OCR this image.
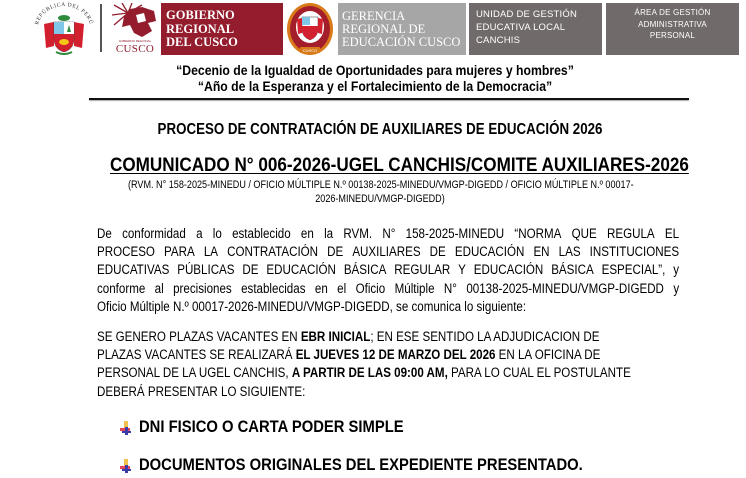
REPÚBLICA DEL PERÚ
GOBIERNO REGIONAL
CUSCO
GOBIERNO
REGIONAL
DEL CUSCO
CUSCO
GERENCIA
REGIONAL DE
EDUCACIÓN CUSCO
UNIDAD DE GESTIÓN
EDUCATIVA LOCAL
CANCHIS
ÁREA DE GESTIÓN
ADMINISTRATIVA
PERSONAL
“Decenio de la Igualdad de Oportunidades para mujeres y hombres”
“Año de la Esperanza y el Fortalecimiento de la Democracia”
PROCESO DE CONTRATACIÓN DE AUXILIARES DE EDUCACIÓN 2026
COMUNICADO N° 006-2026-UGEL CANCHIS/COMITE AUXILIARES-2026
(RVM. N° 158-2025-MINEDU / OFICIO MÚLTIPLE N.º 00138-2025-MINEDU/VMGP-DIGEDD / OFICIO MÚLTIPLE N.º 00017-
2026-MINEDU/VMGP-DIGEDD)
De conformidad a lo establecido en la RVM. N° 158-2025-MINEDU “NORMA QUE REGULA EL
PROCESO PARA LA CONTRATACIÓN DE AUXILIARES DE EDUCACIÓN EN LAS INSTITUCIONES
EDUCATIVAS PÚBLICAS DE EDUCACIÓN BÁSICA REGULAR Y EDUCACIÓN BÁSICA ESPECIAL”, y
conforme al precisiones establecidas en el Oficio Múltiple N° 00138-2025-MINEDU/VMGP-DIGEDD y
Oficio Múltiple N.º 00017-2026-MINEDU/VMGP-DIGEDD, se comunica lo siguiente:
SE GENERO PLAZAS VACANTES EN EBR INICIAL ; EN ESE SENTIDO LA ADJUDICACION DE
PLAZAS VACANTES SE REALIZARÁ EL JUEVES 12 DE MARZO DEL 2026 EN LA OFICINA DE
PERSONAL DE LA UGEL CANCHIS, A PARTIR DE LAS 09:00 AM, PARA LO CUAL EL POSTULANTE
DEBERÁ PRESENTAR LO SIGUIENTE:
DNI FISICO O CARTA PODER SIMPLE
DOCUMENTOS ORIGINALES DEL EXPEDIENTE PRESENTADO.
